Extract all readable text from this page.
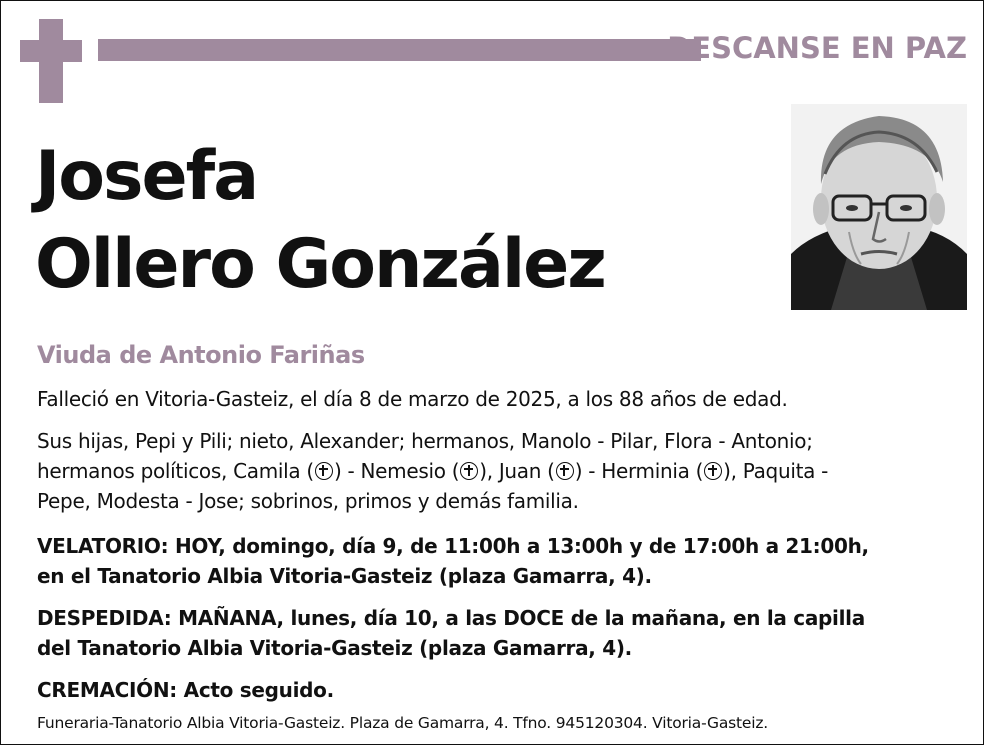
DESCANSE EN PAZ
Josefa
Ollero González
Viuda de Antonio Fariñas
Falleció en Vitoria-Gasteiz, el día 8 de marzo de 2025, a los 88 años de edad.
Sus hijas, Pepi y Pili; nieto, Alexander; hermanos, Manolo - Pilar, Flora - Antonio;
hermanos políticos, Camila ( ) - Nemesio ( ), Juan ( ) - Herminia ( ), Paquita -
Pepe, Modesta - Jose; sobrinos, primos y demás familia.
VELATORIO: HOY, domingo, día 9, de 11:00h a 13:00h y de 17:00h a 21:00h,
en el Tanatorio Albia Vitoria-Gasteiz (plaza Gamarra, 4).
DESPEDIDA: MAÑANA, lunes, día 10, a las DOCE de la mañana, en la capilla
del Tanatorio Albia Vitoria-Gasteiz (plaza Gamarra, 4).
CREMACIÓN: Acto seguido.
Funeraria-Tanatorio Albia Vitoria-Gasteiz. Plaza de Gamarra, 4. Tfno. 945120304. Vitoria-Gasteiz.
